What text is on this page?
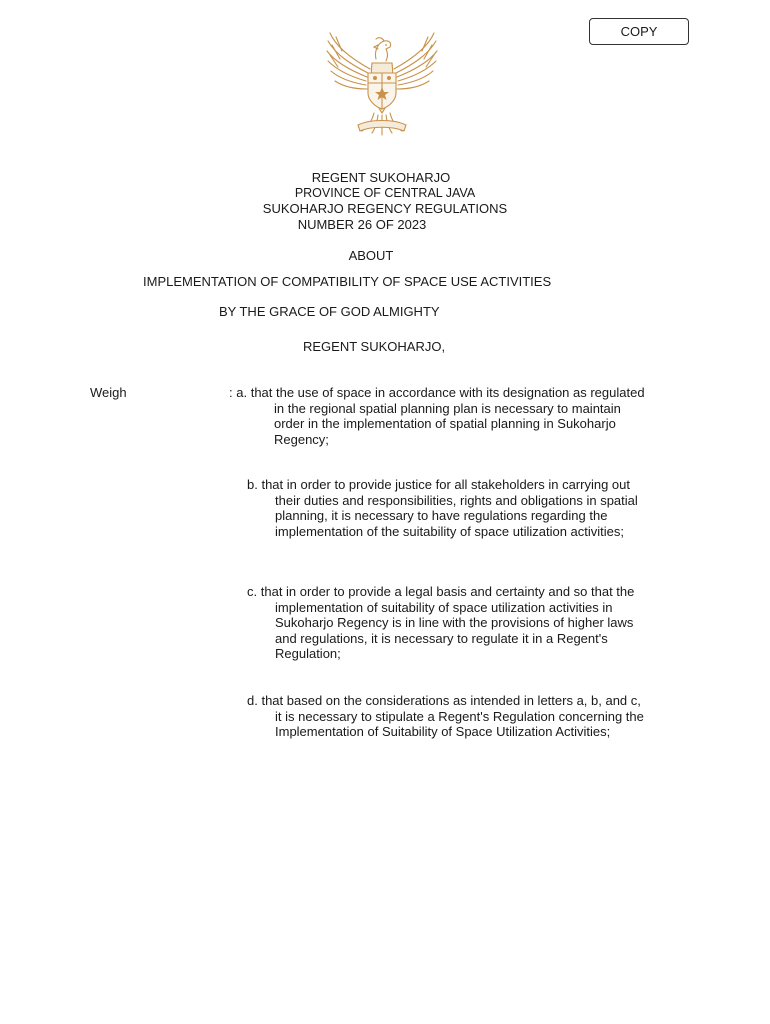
COPY
REGENT SUKOHARJO
PROVINCE OF CENTRAL JAVA
SUKOHARJO REGENCY REGULATIONS
NUMBER 26 OF 2023
ABOUT
IMPLEMENTATION OF COMPATIBILITY OF SPACE USE ACTIVITIES
BY THE GRACE OF GOD ALMIGHTY
REGENT SUKOHARJO,
Weigh	: a. that the use of space in accordance with its designation as regulated
in the regional spatial planning plan is necessary to maintain
order in the implementation of spatial planning in Sukoharjo
Regency;
b. that in order to provide justice for all stakeholders in carrying out
their duties and responsibilities, rights and obligations in spatial
planning, it is necessary to have regulations regarding the
implementation of the suitability of space utilization activities;
c. that in order to provide a legal basis and certainty and so that the
implementation of suitability of space utilization activities in
Sukoharjo Regency is in line with the provisions of higher laws
and regulations, it is necessary to regulate it in a Regent's
Regulation;
d. that based on the considerations as intended in letters a, b, and c,
it is necessary to stipulate a Regent's Regulation concerning the
Implementation of Suitability of Space Utilization Activities;
